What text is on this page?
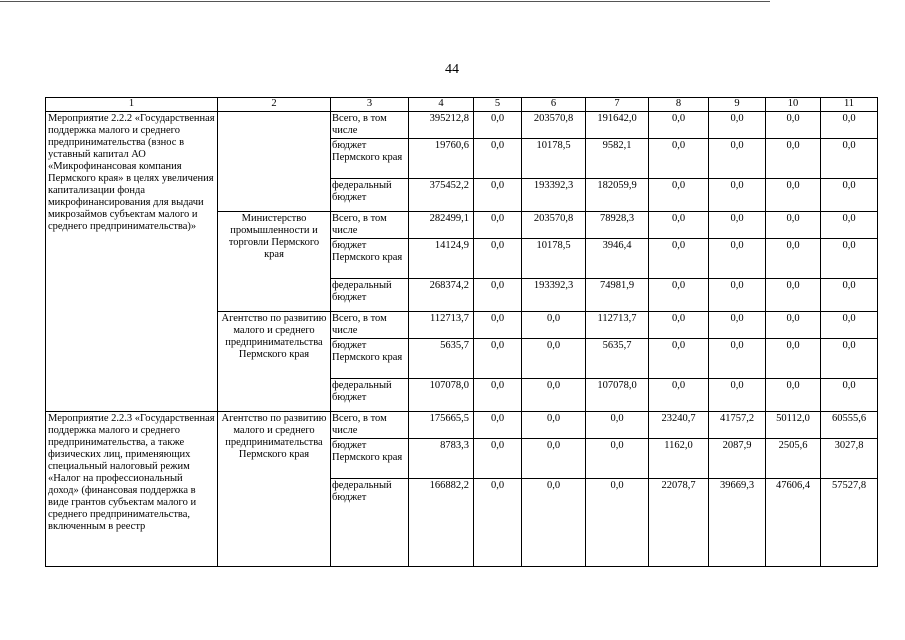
44
1	2	3	4	5	6	7	8	9	10	11
Мероприятие 2.2.2 «Государственная поддержка малого и среднего предпринимательства (взнос в уставный капитал АО «Микрофинансовая компания Пермского края» в целях увеличения капитализации фонда микрофинансирования для выдачи микрозаймов субъектам малого и среднего предпринимательства)»		Всего, в том числе	395212,8	0,0	203570,8	191642,0	0,0	0,0	0,0	0,0
		бюджет Пермского края	19760,6	0,0	10178,5	9582,1	0,0	0,0	0,0	0,0
		федеральный бюджет	375452,2	0,0	193392,3	182059,9	0,0	0,0	0,0	0,0
	Министерство промышленности и торговли Пермского края	Всего, в том числе	282499,1	0,0	203570,8	78928,3	0,0	0,0	0,0	0,0
		бюджет Пермского края	14124,9	0,0	10178,5	3946,4	0,0	0,0	0,0	0,0
		федеральный бюджет	268374,2	0,0	193392,3	74981,9	0,0	0,0	0,0	0,0
	Агентство по развитию малого и среднего предпринимательства Пермского края	Всего, в том числе	112713,7	0,0	0,0	112713,7	0,0	0,0	0,0	0,0
		бюджет Пермского края	5635,7	0,0	0,0	5635,7	0,0	0,0	0,0	0,0
		федеральный бюджет	107078,0	0,0	0,0	107078,0	0,0	0,0	0,0	0,0
Мероприятие 2.2.3 «Государственная поддержка малого и среднего предпринимательства, а также физических лиц, применяющих специальный налоговый режим «Налог на профессиональный доход» (финансовая поддержка в виде грантов субъектам малого и среднего предпринимательства, включенным в реестр	Агентство по развитию малого и среднего предпринимательства Пермского края	Всего, в том числе	175665,5	0,0	0,0	0,0	23240,7	41757,2	50112,0	60555,6
		бюджет Пермского края	8783,3	0,0	0,0	0,0	1162,0	2087,9	2505,6	3027,8
		федеральный бюджет	166882,2	0,0	0,0	0,0	22078,7	39669,3	47606,4	57527,8
